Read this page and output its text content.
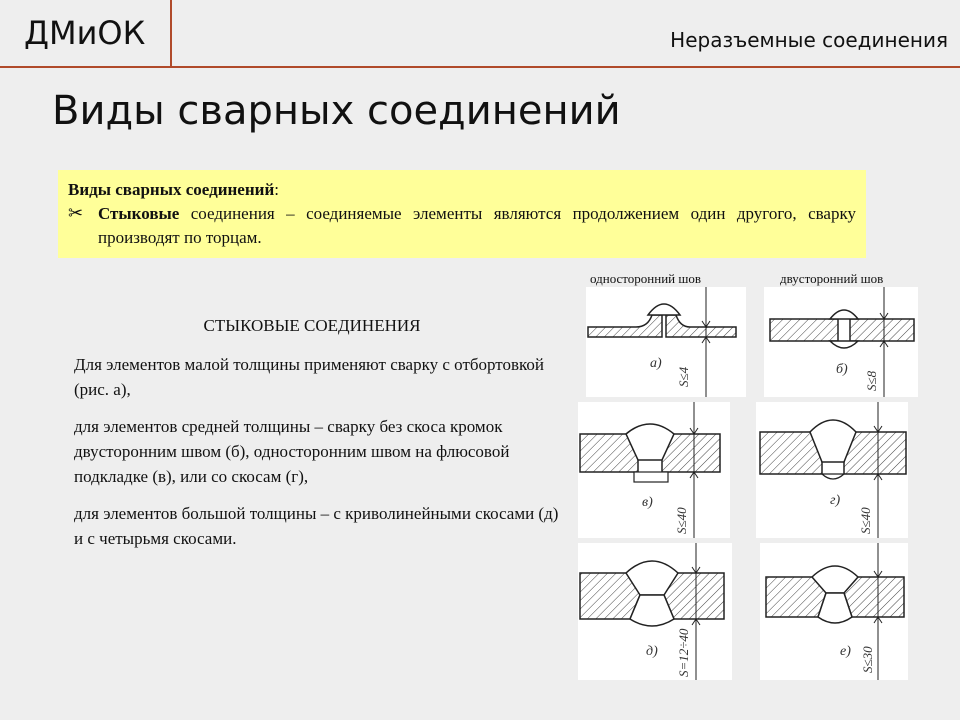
ДМиОК	Неразъемные соединения
Виды сварных соединений
Виды сварных соединений:
✂ Стыковые соединения – соединяемые элементы являются продолжением один другого, сварку производят по торцам.
СТЫКОВЫЕ СОЕДИНЕНИЯ

Для элементов малой толщины применяют сварку с отбортовкой (рис. а),

для элементов средней толщины – сварку без скоса кромок двусторонним швом (б), односторонним швом на флюсовой подкладке (в), или со скосам (г),

для элементов большой толщины – с криволинейными скосами (д) и с четырьмя скосами.

односторонний шов	двусторонний шов
а)
S≤4	б)
S≤8
в)
S≤40
г)
S≤40
д) S=12÷40	е) S≤30
